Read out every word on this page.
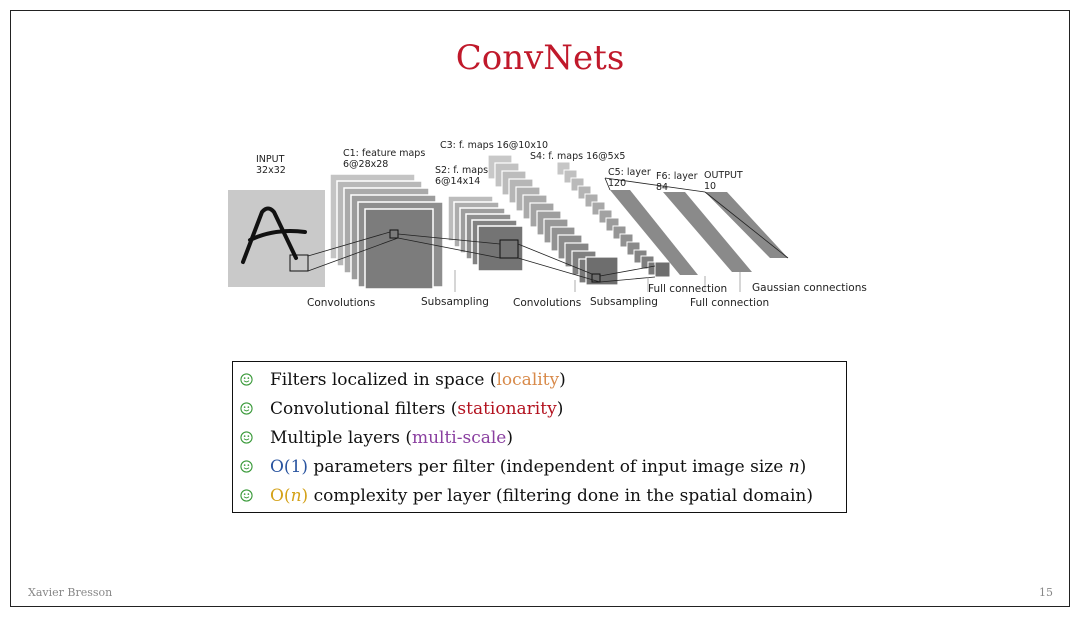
ConvNets
INPUT
32x32
C1: feature maps
6@28x28
S2: f. maps
6@14x14
C3: f. maps 16@10x10
S4: f. maps 16@5x5
C5: layer
120
F6: layer
84
OUTPUT
10
Convolutions	Subsampling Convolutions Subsampling
Full connection
Full connection
Gaussian connections
Filters localized in space (locality)
Convolutional filters (stationarity)
Multiple layers (multi-scale)
O(1) parameters per filter (independent of input image size n)
O(n) complexity per layer (filtering done in the spatial domain)
Xavier Bresson	15
